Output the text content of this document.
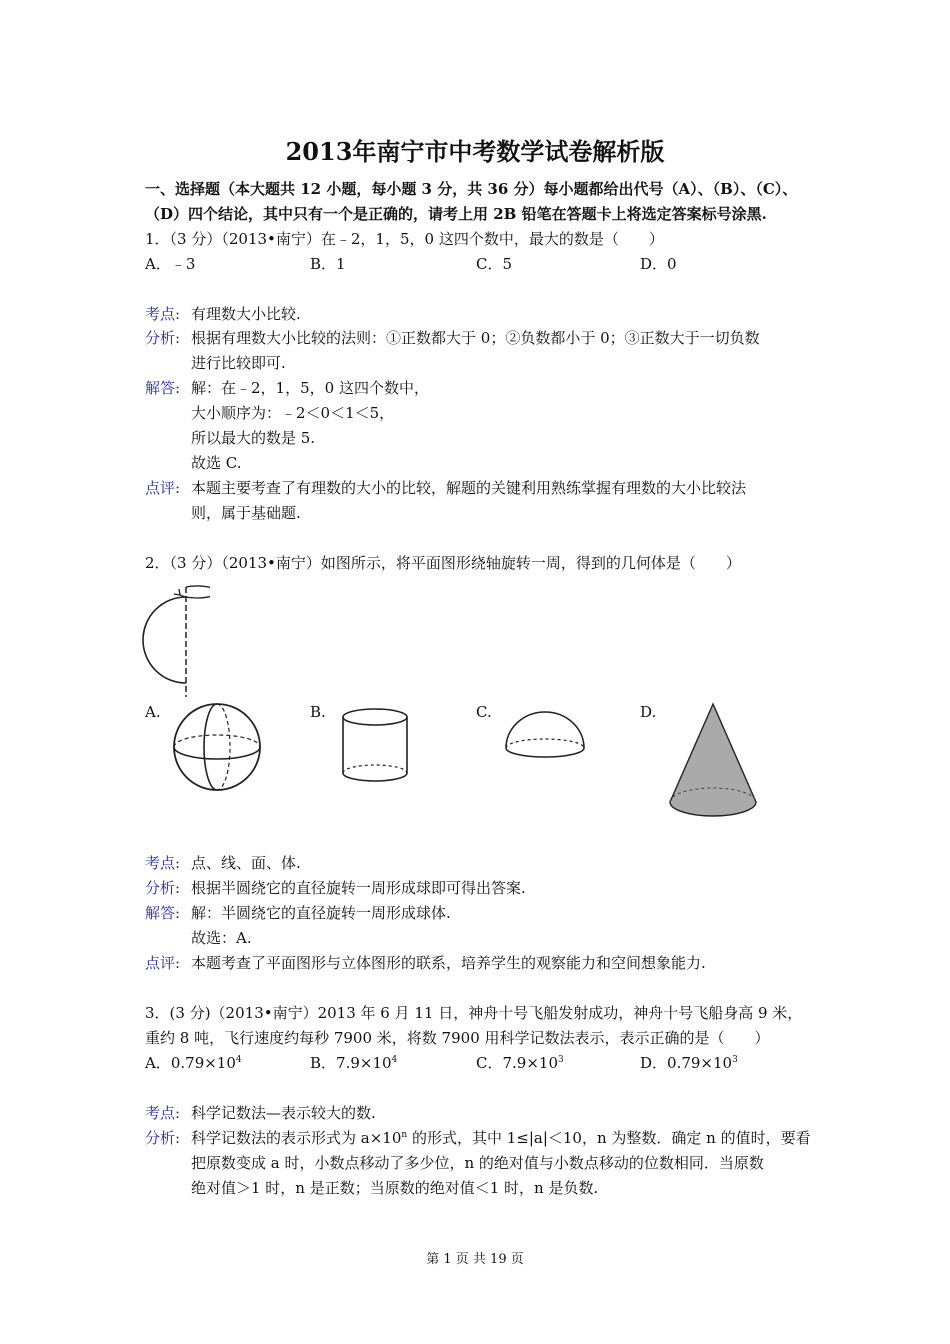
2013年南宁市中考数学试卷解析版
一、选择题（本大题共 12 小题，每小题 3 分，共 36 分）每小题都给出代号（A）、（B）、（C）、
（D）四个结论，其中只有一个是正确的，请考上用 2B 铅笔在答题卡上将选定答案标号涂黑.
1．（3 分）（2013•南宁）在﹣2，1，5，0 这四个数中，最大的数是（　　）
A．﹣3	B．1	C．5	D．0
考点: 有理数大小比较.
分析: 根据有理数大小比较的法则：①正数都大于 0；②负数都小于 0；③正数大于一切负数
进行比较即可.
解答: 解：在﹣2，1，5，0 这四个数中，
大小顺序为：﹣2＜0＜1＜5，
所以最大的数是 5.
故选 C.
点评: 本题主要考查了有理数的大小的比较，解题的关键利用熟练掌握有理数的大小比较法
则，属于基础题.
2．（3 分）（2013•南宁）如图所示，将平面图形绕轴旋转一周，得到的几何体是（　　）
A.	B.	C.	D.
考点: 点、线、面、体.
分析: 根据半圆绕它的直径旋转一周形成球即可得出答案.
解答: 解：半圆绕它的直径旋转一周形成球体.
故选：A.
点评: 本题考查了平面图形与立体图形的联系，培养学生的观察能力和空间想象能力.
3．(3 分)（2013•南宁）2013 年 6 月 11 日，神舟十号飞船发射成功，神舟十号飞船身高 9 米，
重约 8 吨，飞行速度约每秒 7900 米，将数 7900 用科学记数法表示，表示正确的是（　　）
A．$0.79\times 10^4$	B．$7.9\times 10^4$	C．$7.9\times 10^3$	D．$0.79\times 10^3$
考点: 科学记数法—表示较大的数.
分析: 科学记数法的表示形式为 $a\times 10^n$ 的形式，其中 1≤|a|＜10，n 为整数．确定 n 的值时，要看
把原数变成 a 时，小数点移动了多少位，n 的绝对值与小数点移动的位数相同．当原数
绝对值＞1 时，n 是正数；当原数的绝对值＜1 时，n 是负数.
第 1 页 共 19 页
